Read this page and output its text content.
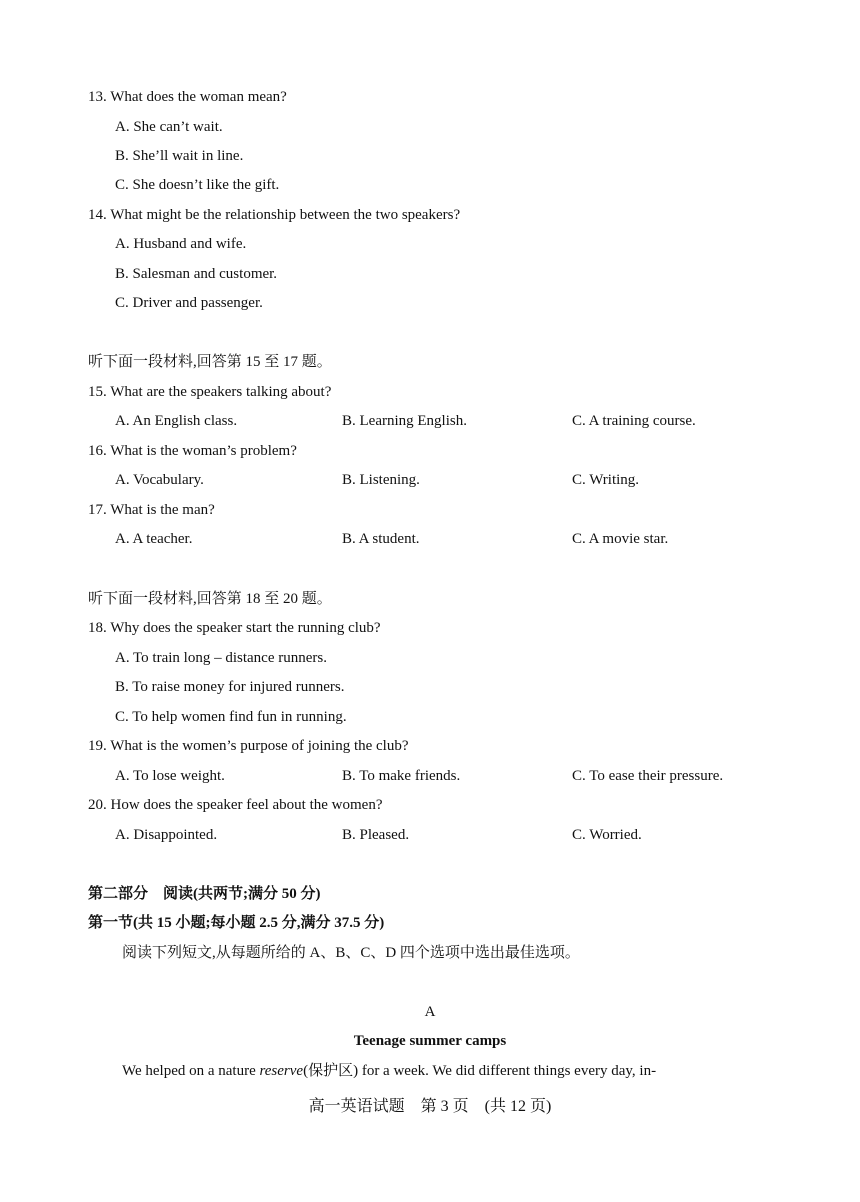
13. What does the woman mean?
A. She can’t wait.
B. She’ll wait in line.
C. She doesn’t like the gift.
14. What might be the relationship between the two speakers?
A. Husband and wife.
B. Salesman and customer.
C. Driver and passenger.
听下面一段材料,回答第 15 至 17 题。
15. What are the speakers talking about?
A. An English class.	B. Learning English.	C. A training course.
16. What is the woman’s problem?
A. Vocabulary.	B. Listening.	C. Writing.
17. What is the man?
A. A teacher.	B. A student.	C. A movie star.
听下面一段材料,回答第 18 至 20 题。
18. Why does the speaker start the running club?
A. To train long – distance runners.
B. To raise money for injured runners.
C. To help women find fun in running.
19. What is the women’s purpose of joining the club?
A. To lose weight.	B. To make friends.	C. To ease their pressure.
20. How does the speaker feel about the women?
A. Disappointed.	B. Pleased.	C. Worried.
第二部分　阅读(共两节;满分 50 分)
第一节(共 15 小题;每小题 2.5 分,满分 37.5 分)
阅读下列短文,从每题所给的 A、B、C、D 四个选项中选出最佳选项。
A
Teenage summer camps
We helped on a nature reserve(保护区) for a week. We did different things every day, in-
高一英语试题　第 3 页　(共 12 页)
